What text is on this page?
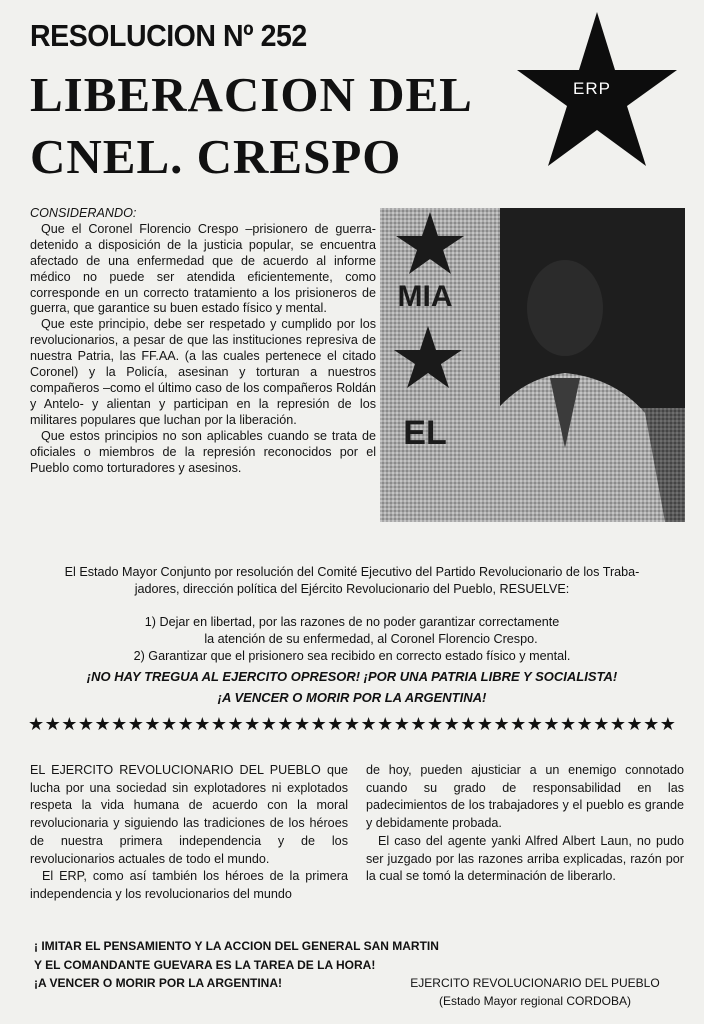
RESOLUCION Nº 252
LIBERACION DEL
CNEL. CRESPO
ERP
CONSIDERANDO:

Que el Coronel Florencio Crespo –prisionero de guerra- detenido a disposición de la justicia popular, se encuentra afectado de una enfermedad que de acuerdo al informe médico no puede ser atendida eficientemente, como corresponde en un correcto tratamiento a los prisioneros de guerra, que garantice su buen estado físico y mental.

Que este principio, debe ser respetado y cumplido por los revolucionarios, a pesar de que las instituciones represiva de nuestra Patria, las FF.AA. (a las cuales pertenece el citado Coronel) y la Policía, asesinan y torturan a nuestros compañeros –como el último caso de los compañeros Roldán y Antelo- y alientan y participan en la represión de los militares populares que luchan por la liberación.

Que estos principios no son aplicables cuando se trata de oficiales o miembros de la represión reconocidos por el Pueblo como torturadores y asesinos.

MIA
EL
El Estado Mayor Conjunto por resolución del Comité Ejecutivo del Partido Revolucionario de los Traba-
jadores, dirección política del Ejército Revolucionario del Pueblo, RESUELVE:
1) Dejar en libertad, por las razones de no poder garantizar correctamente
la atención de su enfermedad, al Coronel Florencio Crespo.
2) Garantizar que el prisionero sea recibido en correcto estado físico y mental.
¡NO HAY TREGUA AL EJERCITO OPRESOR! ¡POR UNA PATRIA LIBRE Y SOCIALISTA!
¡A VENCER O MORIR POR LA ARGENTINA!
★ ★ ★ ★ ★ ★ ★ ★ ★ ★ ★ ★ ★ ★ ★ ★ ★ ★ ★ ★ ★ ★ ★ ★ ★ ★ ★ ★ ★ ★ ★ ★ ★ ★ ★ ★ ★ ★ ★

EL EJERCITO REVOLUCIONARIO DEL PUEBLO que lucha por una sociedad sin explotadores ni explotados respeta la vida humana de acuerdo con la moral revolucionaria y siguiendo las tradiciones de los héroes de nuestra primera independencia y de los revolucionarios actuales de todo el mundo.

El ERP, como así también los héroes de la primera independencia y los revolucionarios del mundo

de hoy, pueden ajusticiar a un enemigo connotado cuando su grado de responsabilidad en las padecimientos de los trabajadores y el pueblo es grande y debidamente probada.

El caso del agente yanki Alfred Albert Laun, no pudo ser juzgado por las razones arriba explicadas, razón por la cual se tomó la determinación de liberarlo.

¡ IMITAR EL PENSAMIENTO Y LA ACCION DEL GENERAL SAN MARTIN
Y EL COMANDANTE GUEVARA ES LA TAREA DE LA HORA!
¡A VENCER O MORIR POR LA ARGENTINA!	EJERCITO REVOLUCIONARIO DEL PUEBLO
(Estado Mayor regional CORDOBA)
